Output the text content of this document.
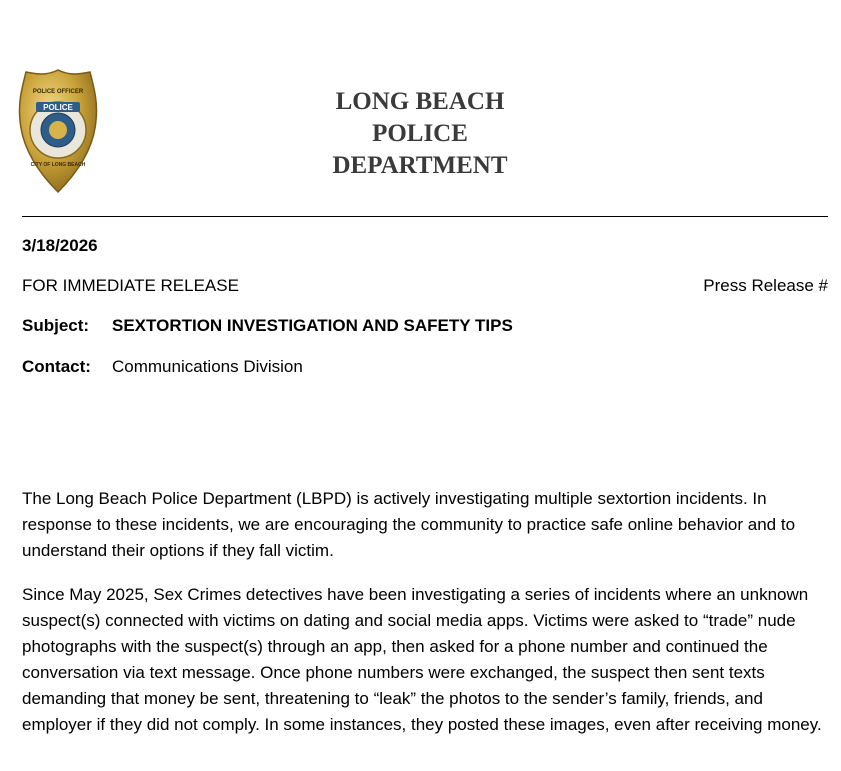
POLICE OFFICER
POLICE
CITY OF LONG BEACH
LONG BEACH
POLICE
DEPARTMENT
3/18/2026
FOR IMMEDIATE RELEASE	Press Release #
Subject: SEXTORTION INVESTIGATION AND SAFETY TIPS
Contact: Communications Division

The Long Beach Police Department (LBPD) is actively investigating multiple sextortion incidents. In response to these incidents, we are encouraging the community to practice safe online behavior and to understand their options if they fall victim.

Since May 2025, Sex Crimes detectives have been investigating a series of incidents where an unknown suspect(s) connected with victims on dating and social media apps. Victims were asked to “trade” nude photographs with the suspect(s) through an app, then asked for a phone number and continued the conversation via text message. Once phone numbers were exchanged, the suspect then sent texts demanding that money be sent, threatening to “leak” the photos to the sender’s family, friends, and employer if they did not comply. In some instances, they posted these images, even after receiving money.
